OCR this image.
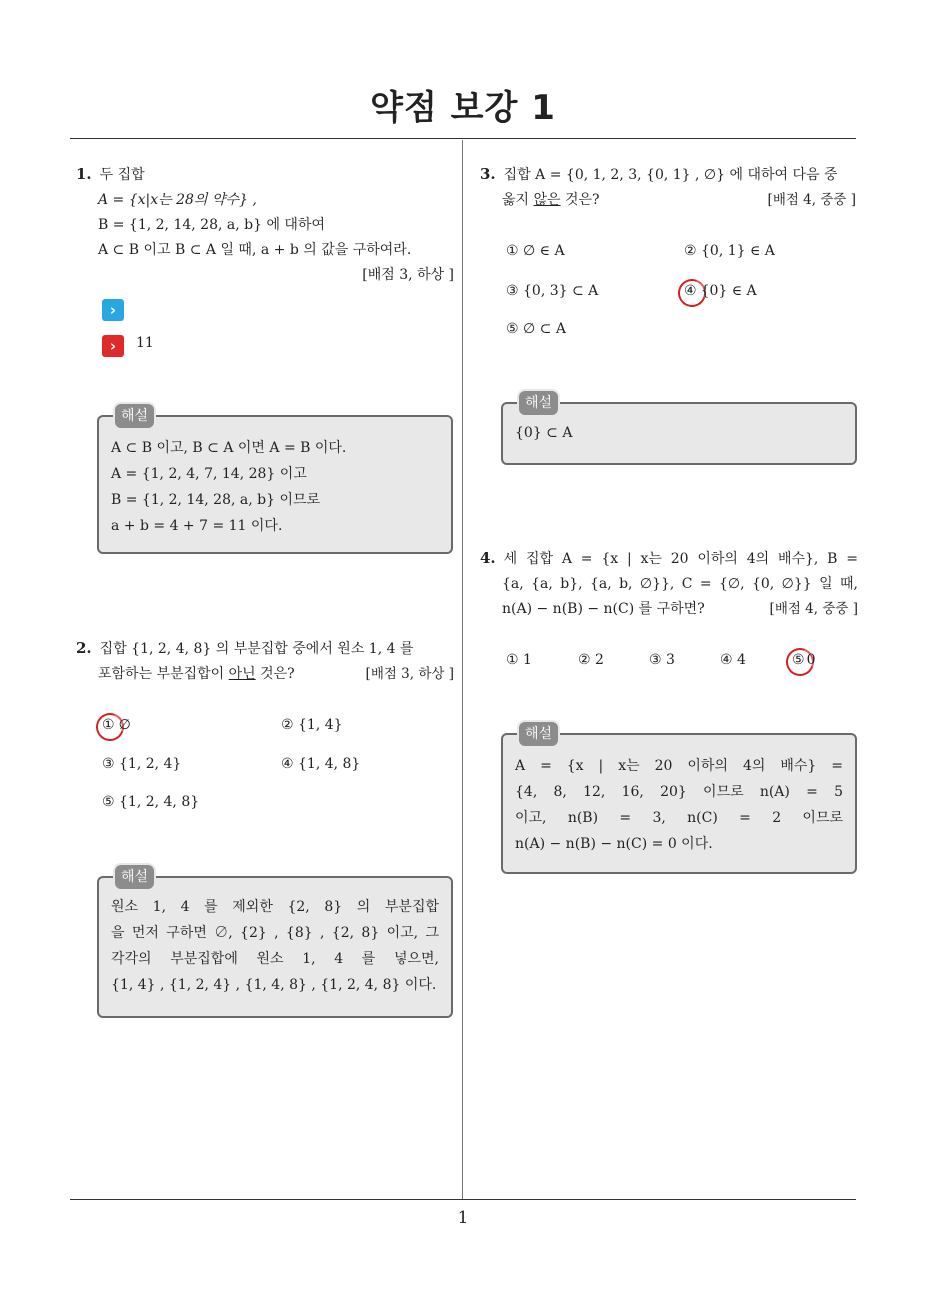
약점 보강 1
1
1. 두 집합
A = {x|x는 28의 약수} ,
B = {1, 2, 14, 28, a, b} 에 대하여
A ⊂ B 이고 B ⊂ A 일 때, a + b 의 값을 구하여라.
[배점 3, 하상 ]
›
›	11
해설
A ⊂ B 이고, B ⊂ A 이면 A = B 이다.
A = {1, 2, 4, 7, 14, 28} 이고
B = {1, 2, 14, 28, a, b} 이므로
a + b = 4 + 7 = 11 이다.
2. 집합 {1, 2, 4, 8} 의 부분집합 중에서 원소 1, 4 를
포함하는 부분집합이 아닌 것은?	[배점 3, 하상 ]
① ∅	② {1, 4}
③ {1, 2, 4}	④ {1, 4, 8}
⑤ {1, 2, 4, 8}
해설
원소 1, 4 를 제외한 {2, 8} 의 부분집합
을 먼저 구하면 ∅, {2} , {8} , {2, 8} 이고, 그
각각의 부분집합에 원소 1, 4 를 넣으면,
{1, 4} , {1, 2, 4} , {1, 4, 8} , {1, 2, 4, 8} 이다.
3. 집합 A = {0, 1, 2, 3, {0, 1} , ∅} 에 대하여 다음 중
옳지 않은 것은?	[배점 4, 중중 ]
① ∅ ∈ A	② {0, 1} ∈ A
③ {0, 3} ⊂ A	④ {0} ∈ A
⑤ ∅ ⊂ A
해설
{0} ⊂ A
4. 세 집합 A = {x | x는 20 이하의 4의 배수}, B =
{a, {a, b}, {a, b, ∅}}, C = {∅, {0, ∅}} 일 때,
n(A) − n(B) − n(C) 를 구하면?	[배점 4, 중중 ]
① 1	② 2	③ 3	④ 4	⑤ 0
해설
A = {x | x는 20 이하의 4의 배수} =
{4, 8, 12, 16, 20} 이므로 n(A) = 5
이고, n(B) = 3, n(C) = 2 이므로
n(A) − n(B) − n(C) = 0 이다.
